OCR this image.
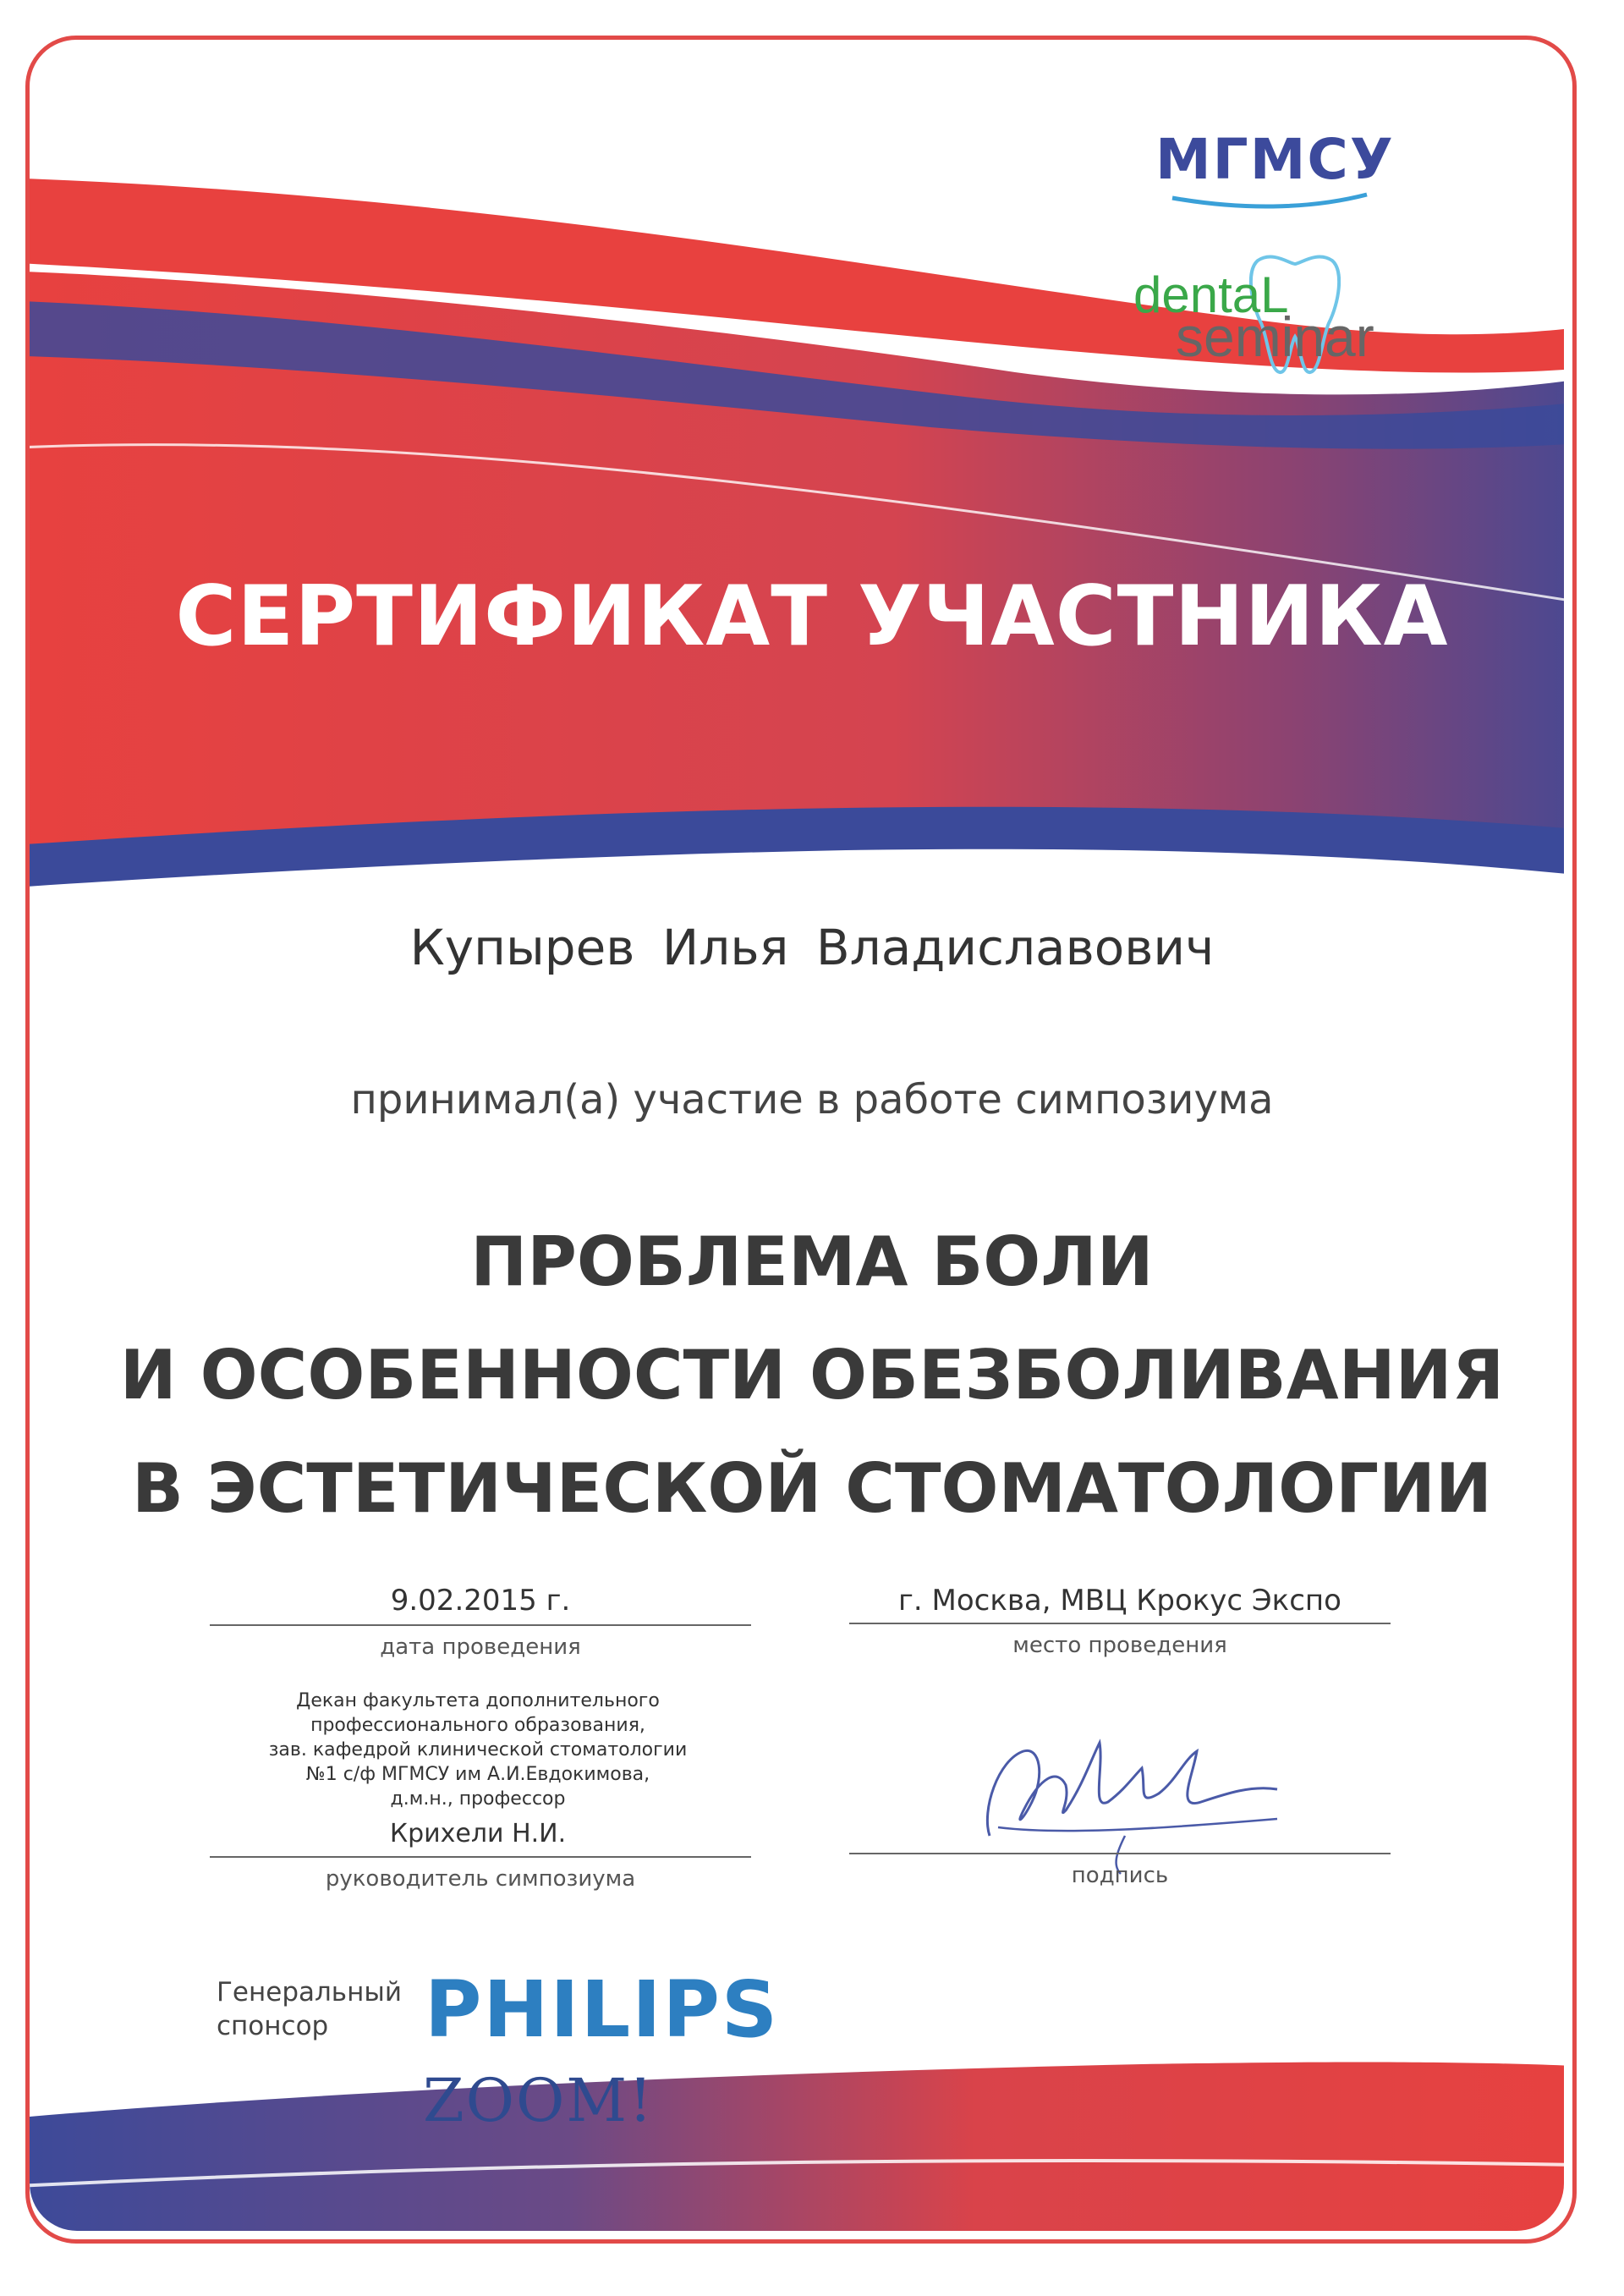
МГМСУ
dentaL
seminar
СЕРТИФИКАТ УЧАСТНИКА
Купырев Илья Владиславович
принимал(а) участие в работе симпозиума
ПРОБЛЕМА БОЛИ
И ОСОБЕННОСТИ ОБЕЗБОЛИВАНИЯ
В ЭСТЕТИЧЕСКОЙ СТОМАТОЛОГИИ
9.02.2015 г.
дата проведения
г. Москва, МВЦ Крокус Экспо
место проведения
Декан факультета дополнительного
профессионального образования,
зав. кафедрой клинической стоматологии
№1 с/ф МГМСУ им А.И.Евдокимова,
д.м.н., профессор
Крихели Н.И.
руководитель симпозиума	подпись
Генеральный
спонсор	PHILIPS
ZOOM!
